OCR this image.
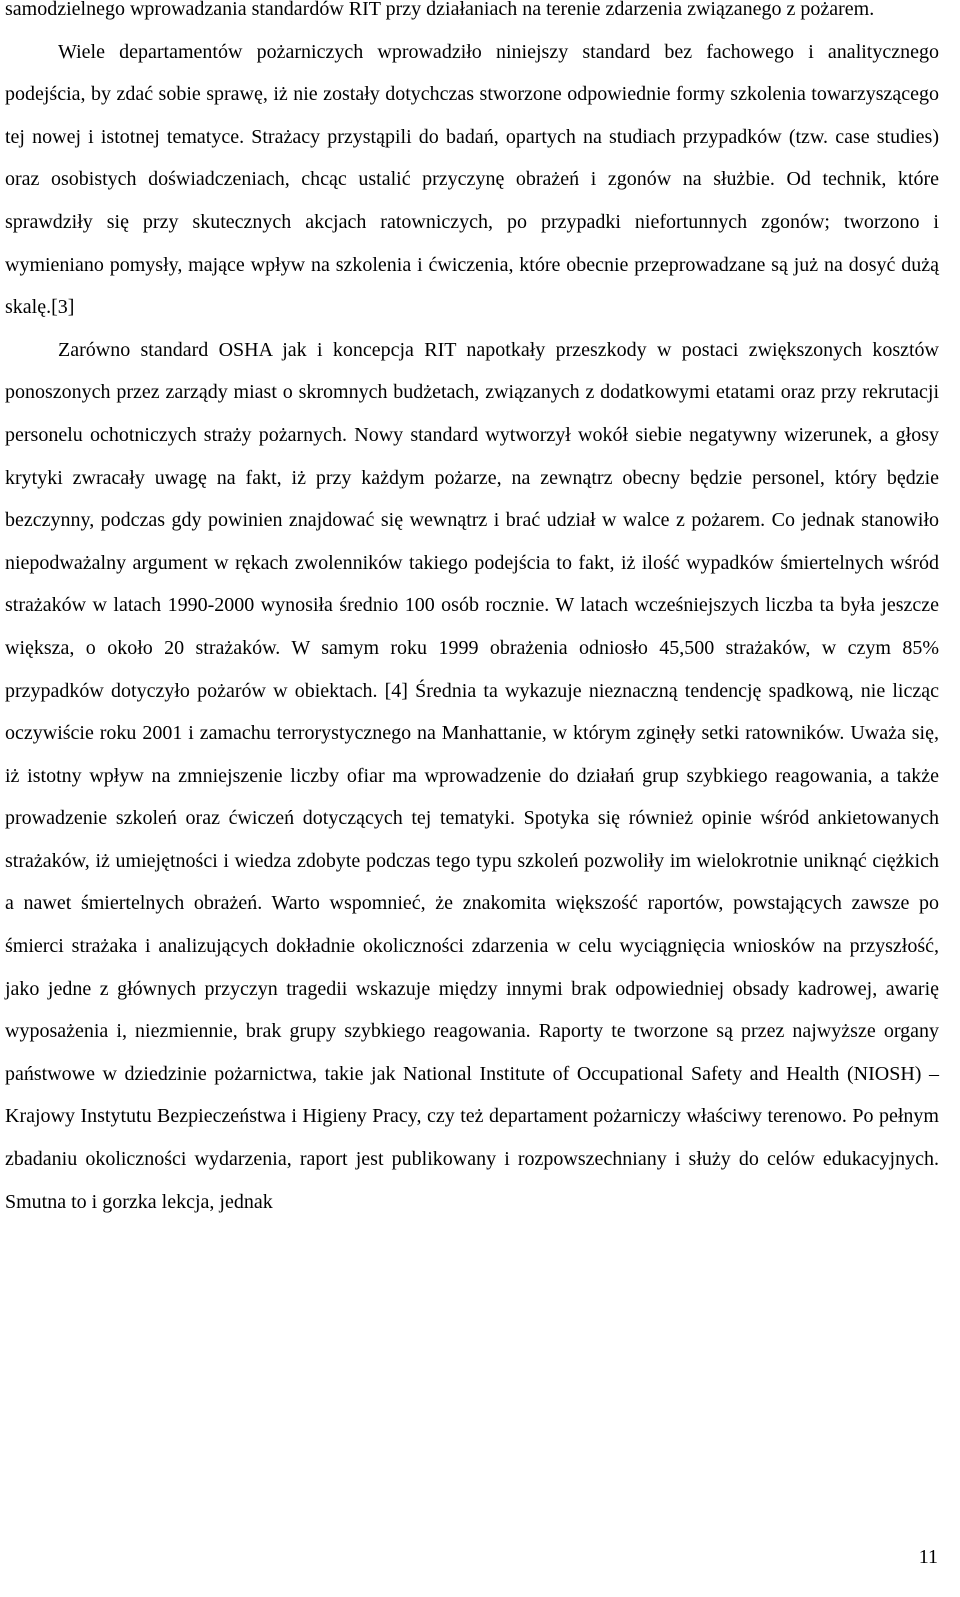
samodzielnego wprowadzania standardów RIT przy działaniach na terenie zdarzenia związanego z pożarem.

Wiele departamentów pożarniczych wprowadziło niniejszy standard bez fachowego i analitycznego podejścia, by zdać sobie sprawę, iż nie zostały dotychczas stworzone odpowiednie formy szkolenia towarzyszącego tej nowej i istotnej tematyce. Strażacy przystąpili do badań, opartych na studiach przypadków (tzw. case studies) oraz osobistych doświadczeniach, chcąc ustalić przyczynę obrażeń i zgonów na służbie. Od technik, które sprawdziły się przy skutecznych akcjach ratowniczych, po przypadki niefortunnych zgonów; tworzono i wymieniano pomysły, mające wpływ na szkolenia i ćwiczenia, które obecnie przeprowadzane są już na dosyć dużą skalę.[3]

Zarówno standard OSHA jak i koncepcja RIT napotkały przeszkody w postaci zwiększonych kosztów ponoszonych przez zarządy miast o skromnych budżetach, związanych z dodatkowymi etatami oraz przy rekrutacji personelu ochotniczych straży pożarnych. Nowy standard wytworzył wokół siebie negatywny wizerunek, a głosy krytyki zwracały uwagę na fakt, iż przy każdym pożarze, na zewnątrz obecny będzie personel, który będzie bezczynny, podczas gdy powinien znajdować się wewnątrz i brać udział w walce z pożarem. Co jednak stanowiło niepodważalny argument w rękach zwolenników takiego podejścia to fakt, iż ilość wypadków śmiertelnych wśród strażaków w latach 1990-2000 wynosiła średnio 100 osób rocznie. W latach wcześniejszych liczba ta była jeszcze większa, o około 20 strażaków. W samym roku 1999 obrażenia odniosło 45,500 strażaków, w czym 85% przypadków dotyczyło pożarów w obiektach. [4] Średnia ta wykazuje nieznaczną tendencję spadkową, nie licząc oczywiście roku 2001 i zamachu terrorystycznego na Manhattanie, w którym zginęły setki ratowników. Uważa się, iż istotny wpływ na zmniejszenie liczby ofiar ma wprowadzenie do działań grup szybkiego reagowania, a także prowadzenie szkoleń oraz ćwiczeń dotyczących tej tematyki. Spotyka się również opinie wśród ankietowanych strażaków, iż umiejętności i wiedza zdobyte podczas tego typu szkoleń pozwoliły im wielokrotnie uniknąć ciężkich a nawet śmiertelnych obrażeń. Warto wspomnieć, że znakomita większość raportów, powstających zawsze po śmierci strażaka i analizujących dokładnie okoliczności zdarzenia w celu wyciągnięcia wniosków na przyszłość, jako jedne z głównych przyczyn tragedii wskazuje między innymi brak odpowiedniej obsady kadrowej, awarię wyposażenia i, niezmiennie, brak grupy szybkiego reagowania. Raporty te tworzone są przez najwyższe organy państwowe w dziedzinie pożarnictwa, takie jak National Institute of Occupational Safety and Health (NIOSH) – Krajowy Instytutu Bezpieczeństwa i Higieny Pracy, czy też departament pożarniczy właściwy terenowo. Po pełnym zbadaniu okoliczności wydarzenia, raport jest publikowany i rozpowszechniany i służy do celów edukacyjnych. Smutna to i gorzka lekcja, jednak

11
